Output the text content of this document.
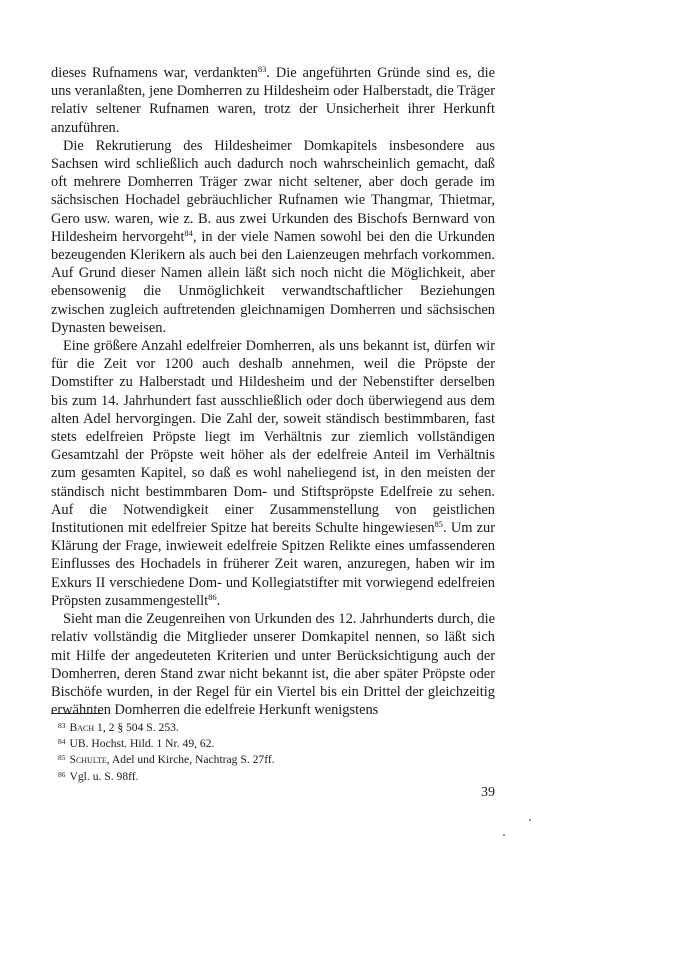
dieses Rufnamens war, verdankten$^{83}$. Die angeführten Gründe sind es, die uns veranlaßten, jene Domherren zu Hildesheim oder Halberstadt, die Träger relativ seltener Rufnamen waren, trotz der Unsicherheit ihrer Herkunft anzuführen.

Die Rekrutierung des Hildesheimer Domkapitels insbesondere aus Sachsen wird schließlich auch dadurch noch wahrscheinlich gemacht, daß oft mehrere Domherren Träger zwar nicht seltener, aber doch gerade im sächsischen Hochadel gebräuchlicher Rufnamen wie Thangmar, Thietmar, Gero usw. waren, wie z. B. aus zwei Urkunden des Bischofs Bernward von Hildesheim hervorgeht$^{84}$, in der viele Namen sowohl bei den die Urkunden bezeugenden Klerikern als auch bei den Laienzeugen mehrfach vorkommen. Auf Grund dieser Namen allein läßt sich noch nicht die Möglichkeit, aber ebensowenig die Unmöglichkeit verwandtschaftlicher Beziehungen zwischen zugleich auftretenden gleichnamigen Domherren und sächsischen Dynasten beweisen.

Eine größere Anzahl edelfreier Domherren, als uns bekannt ist, dürfen wir für die Zeit vor 1200 auch deshalb annehmen, weil die Pröpste der Domstifter zu Halberstadt und Hildesheim und der Nebenstifter derselben bis zum 14. Jahrhundert fast ausschließlich oder doch überwiegend aus dem alten Adel hervorgingen. Die Zahl der, soweit ständisch bestimmbaren, fast stets edelfreien Pröpste liegt im Verhältnis zur ziemlich vollständigen Gesamtzahl der Pröpste weit höher als der edelfreie Anteil im Verhältnis zum gesamten Kapitel, so daß es wohl naheliegend ist, in den meisten der ständisch nicht bestimmbaren Dom- und Stiftspröpste Edelfreie zu sehen. Auf die Notwendigkeit einer Zusammenstellung von geistlichen Institutionen mit edelfreier Spitze hat bereits Schulte hingewiesen$^{85}$. Um zur Klärung der Frage, inwieweit edelfreie Spitzen Relikte eines umfassenderen Einflusses des Hochadels in früherer Zeit waren, anzuregen, haben wir im Exkurs II verschiedene Dom- und Kollegiatstifter mit vorwiegend edelfreien Pröpsten zusammengestellt$^{86}$.

Sieht man die Zeugenreihen von Urkunden des 12. Jahrhunderts durch, die relativ vollständig die Mitglieder unserer Domkapitel nennen, so läßt sich mit Hilfe der angedeuteten Kriterien und unter Berücksichtigung auch der Domherren, deren Stand zwar nicht bekannt ist, die aber später Pröpste oder Bischöfe wurden, in der Regel für ein Viertel bis ein Drittel der gleichzeitig erwähnten Domherren die edelfreie Herkunft wenigstens

$^{83}$ Bach 1, 2 § 504 S. 253.
$^{84}$ UB. Hochst. Hild. 1 Nr. 49, 62.
$^{85}$ Schulte, Adel und Kirche, Nachtrag S. 27ff.
$^{86}$ Vgl. u. S. 98ff.
39
